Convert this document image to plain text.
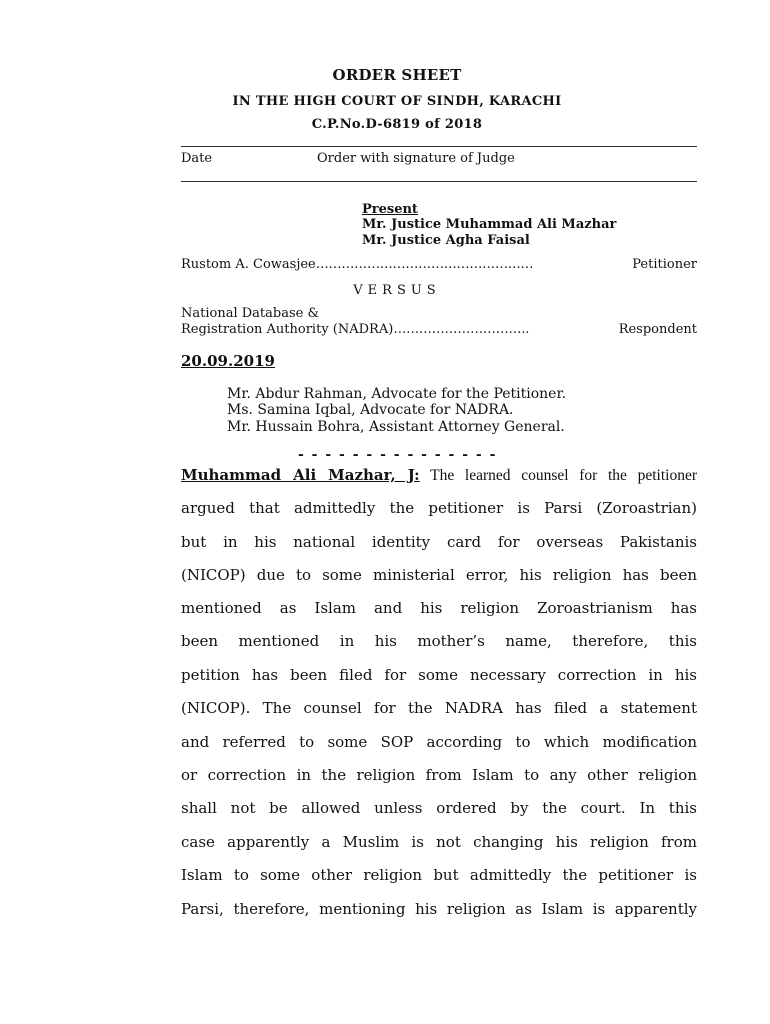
ORDER SHEET
IN THE HIGH COURT OF SINDH, KARACHI
C.P.No.D-6819 of 2018
Date	Order with signature of Judge
Present
Mr. Justice Muhammad Ali Mazhar
Mr. Justice Agha Faisal
Rustom A. Cowasjee ……………………………………………	Petitioner
VERSUS
National Database &
Registration Authority (NADRA) …………………………..	Respondent
20.09.2019
Mr. Abdur Rahman, Advocate for the Petitioner.
Ms. Samina Iqbal, Advocate for NADRA.
Mr. Hussain Bohra, Assistant Attorney General.
- - - - - - - - - - - - - - -
Muhammad Ali Mazhar, J: The learned counsel for the petitioner
argued that admittedly the petitioner is Parsi (Zoroastrian)
but in his national identity card for overseas Pakistanis
(NICOP) due to some ministerial error, his religion has been
mentioned as Islam and his religion Zoroastrianism has
been mentioned in his mother’s name, therefore, this
petition has been filed for some necessary correction in his
(NICOP). The counsel for the NADRA has filed a statement
and referred to some SOP according to which modification
or correction in the religion from Islam to any other religion
shall not be allowed unless ordered by the court. In this
case apparently a Muslim is not changing his religion from
Islam to some other religion but admittedly the petitioner is
Parsi, therefore, mentioning his religion as Islam is apparently
